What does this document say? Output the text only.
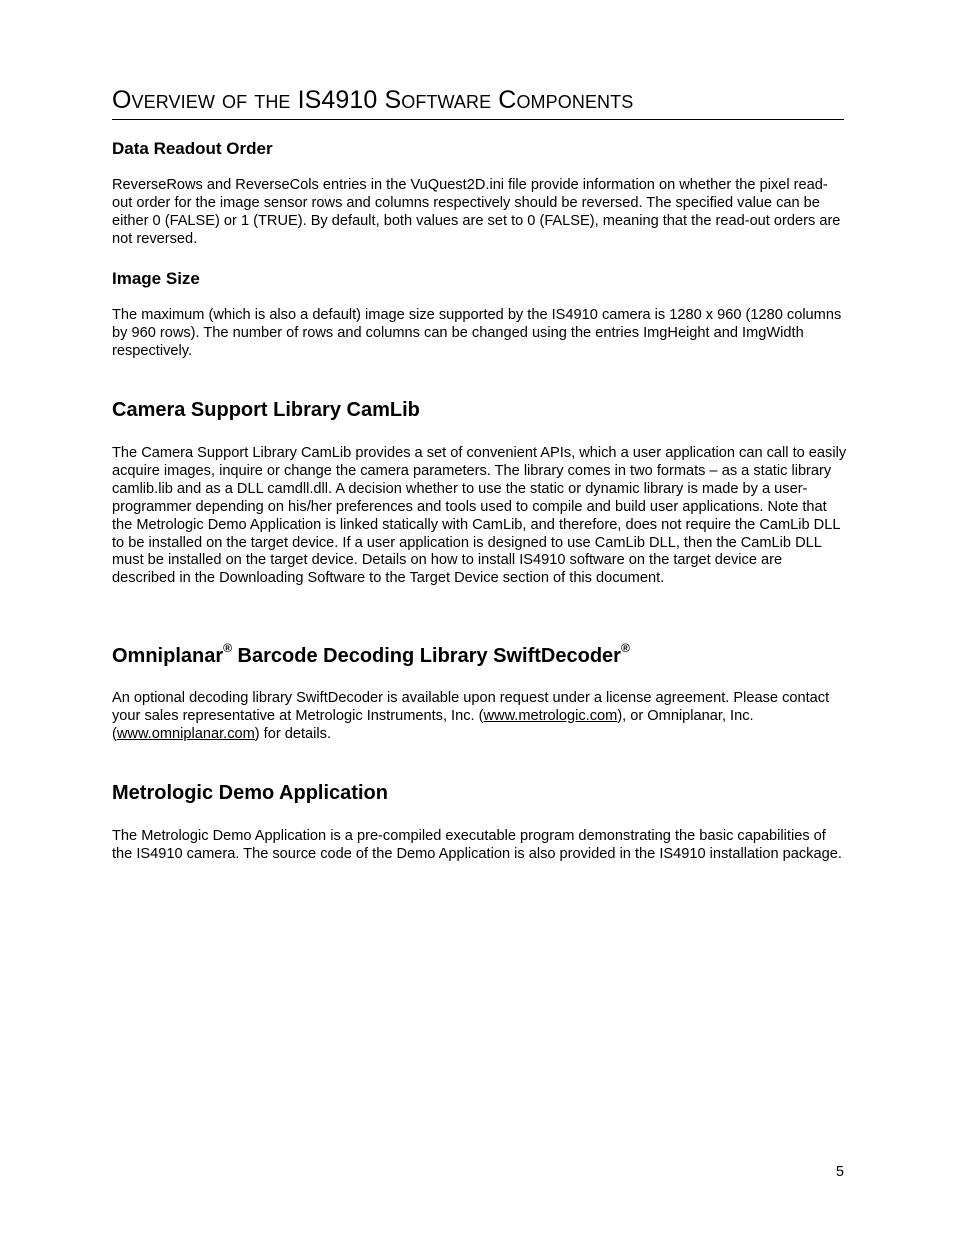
Overview of the IS4910 Software Components
Data Readout Order

ReverseRows and ReverseCols entries in the VuQuest2D.ini file provide information on whether the pixel read-out order for the image sensor rows and columns respectively should be reversed. The specified value can be either 0 (FALSE) or 1 (TRUE). By default, both values are set to 0 (FALSE), meaning that the read-out orders are not reversed.

Image Size

The maximum (which is also a default) image size supported by the IS4910 camera is 1280 x 960 (1280 columns by 960 rows). The number of rows and columns can be changed using the entries ImgHeight and ImgWidth respectively.

Camera Support Library CamLib

The Camera Support Library CamLib provides a set of convenient APIs, which a user application can call to easily acquire images, inquire or change the camera parameters. The library comes in two formats – as a static library camlib.lib and as a DLL camdll.dll. A decision whether to use the static or dynamic library is made by a user-programmer depending on his/her preferences and tools used to compile and build user applications. Note that the Metrologic Demo Application is linked statically with CamLib, and therefore, does not require the CamLib DLL to be installed on the target device. If a user application is designed to use CamLib DLL, then the CamLib DLL must be installed on the target device. Details on how to install IS4910 software on the target device are described in the Downloading Software to the Target Device section of this document.

Omniplanar® Barcode Decoding Library SwiftDecoder®

An optional decoding library SwiftDecoder is available upon request under a license agreement. Please contact your sales representative at Metrologic Instruments, Inc. (www.metrologic.com), or Omniplanar, Inc. (www.omniplanar.com) for details.

Metrologic Demo Application

The Metrologic Demo Application is a pre-compiled executable program demonstrating the basic capabilities of the IS4910 camera. The source code of the Demo Application is also provided in the IS4910 installation package.

5
